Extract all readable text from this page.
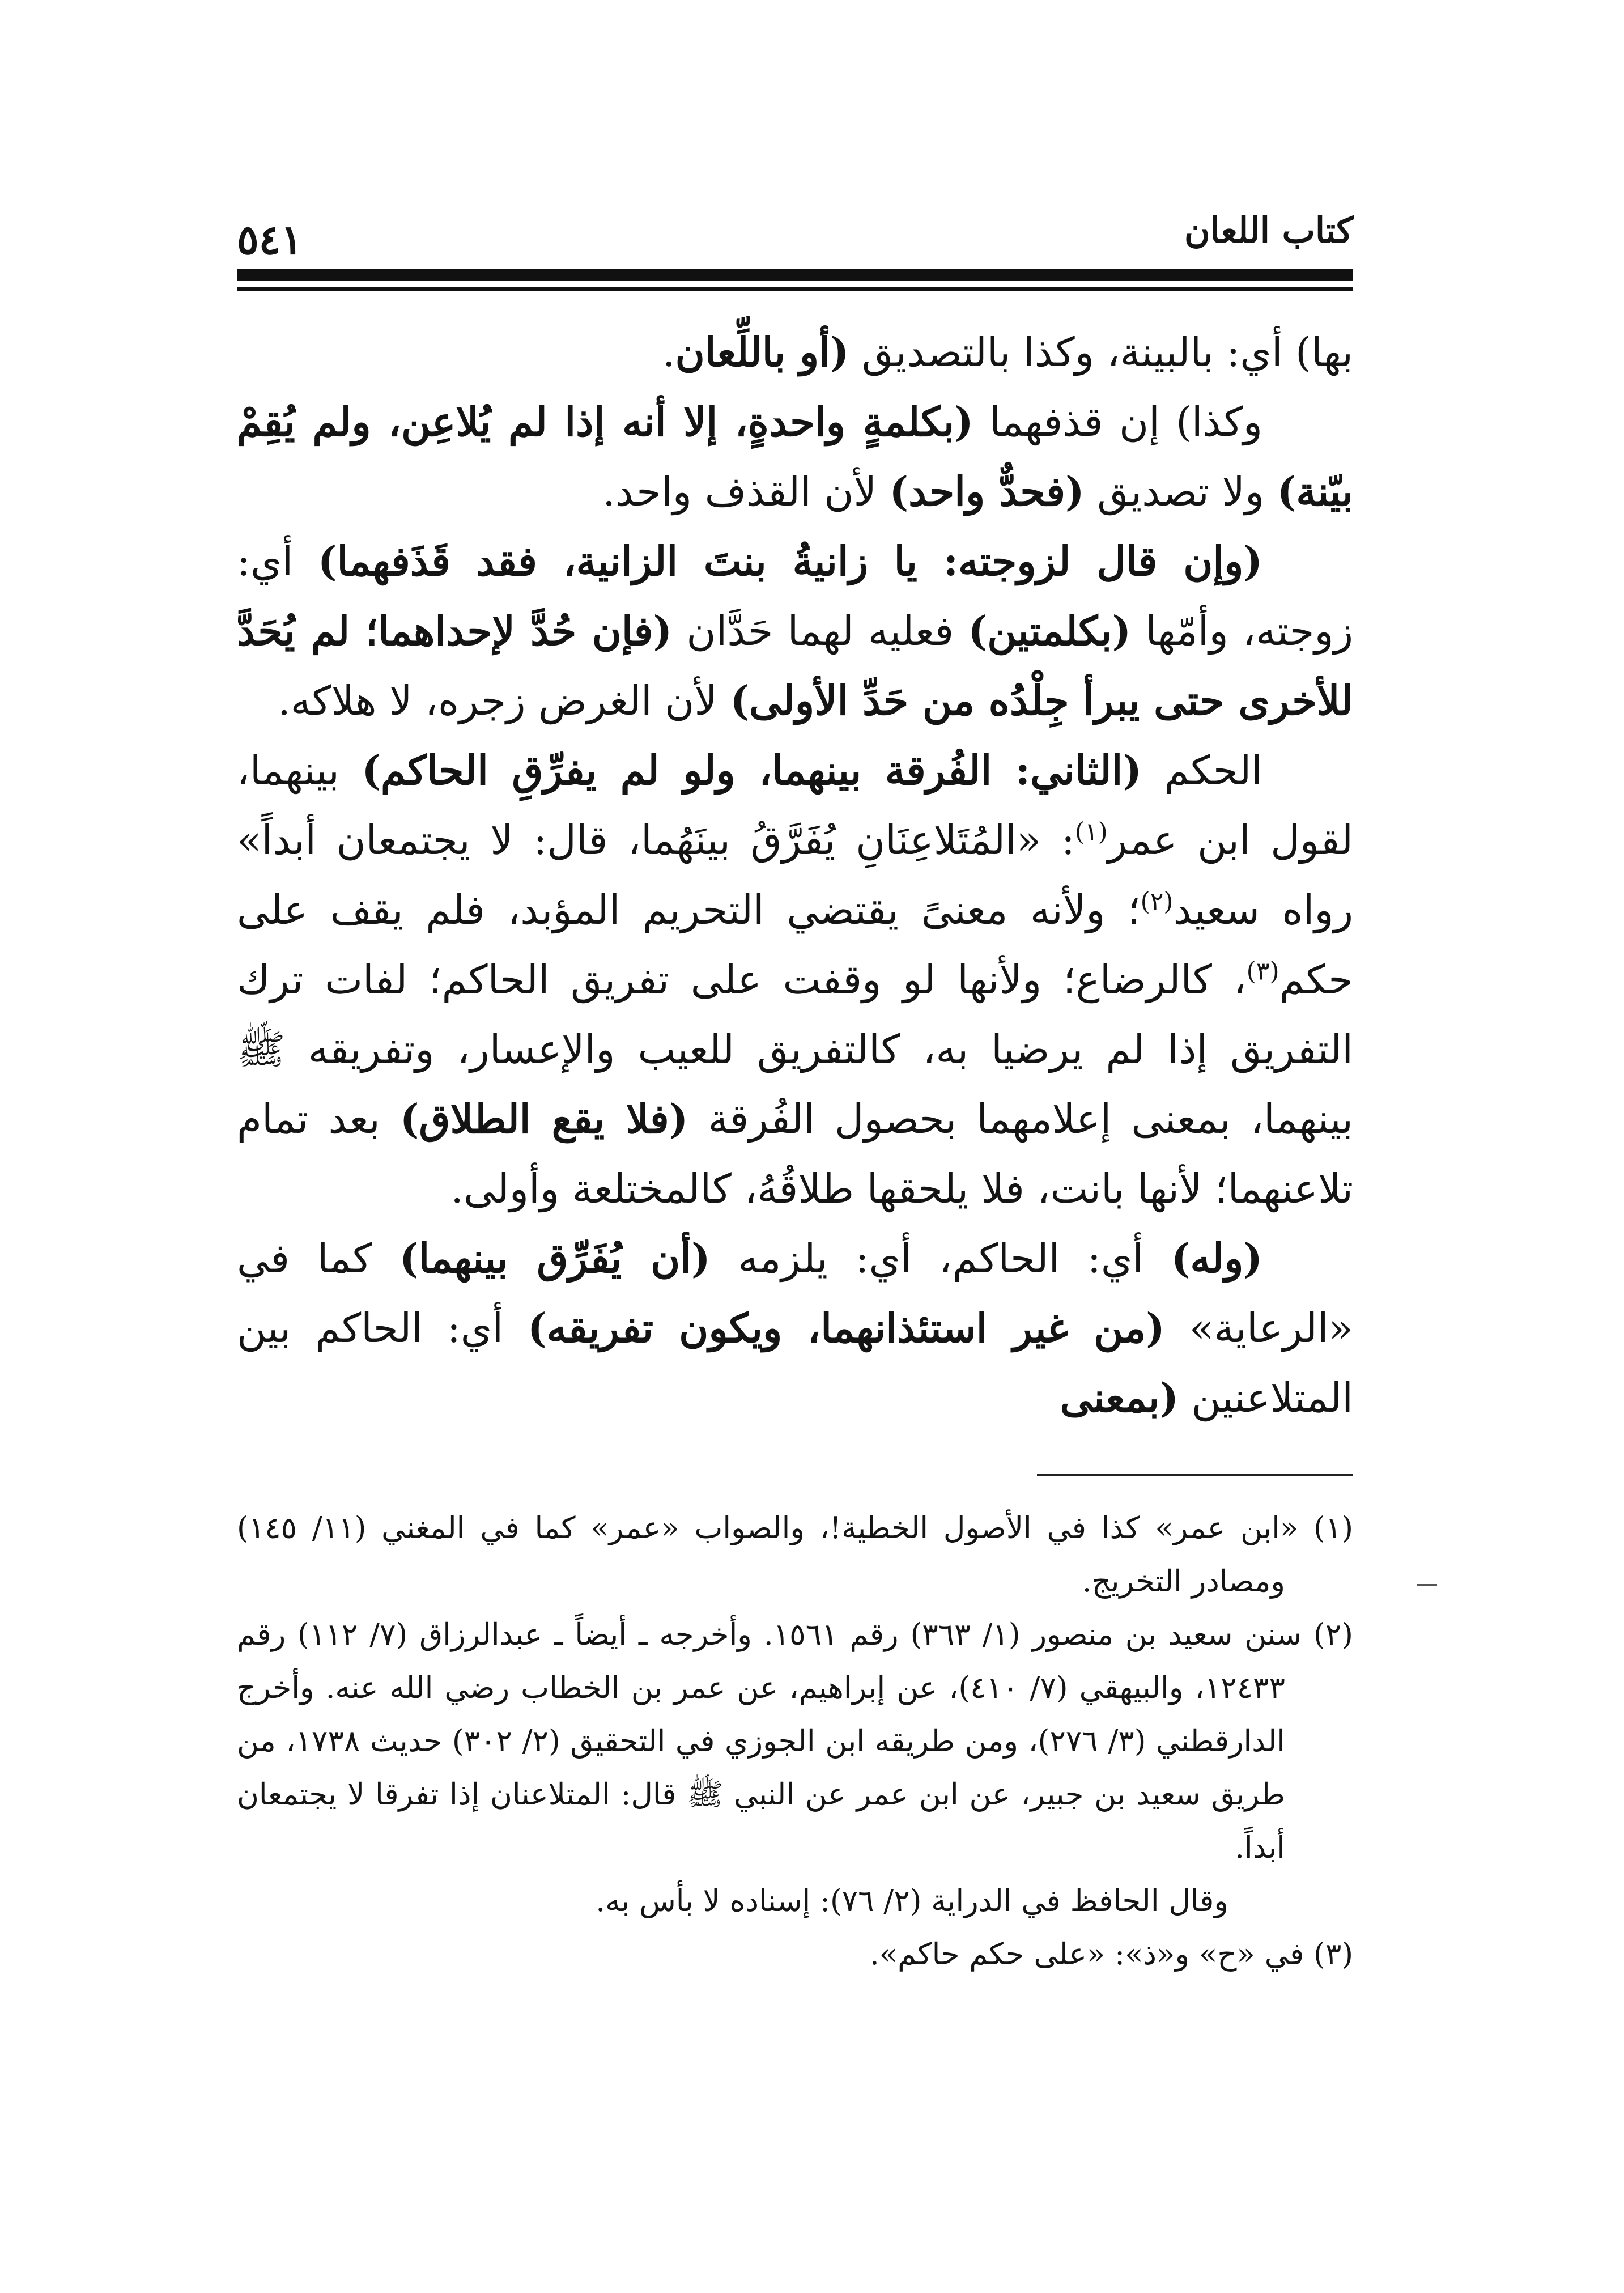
كتاب اللعان
٥٤١

بها) أي: بالبينة، وكذا بالتصديق (أو باللِّعان.

وكذا) إن قذفهما (بكلمةٍ واحدةٍ، إلا أنه إذا لم يُلاعِن، ولم يُقِمْ بيّنة) ولا تصديق (فحدٌّ واحد) لأن القذف واحد.

(وإن قال لزوجته: يا زانيةُ بنتَ الزانية، فقد قَذَفهما) أي: زوجته، وأمّها (بكلمتين) فعليه لهما حَدَّان (فإن حُدَّ لإحداهما؛ لم يُحَدَّ للأخرى حتى يبرأ جِلْدُه من حَدِّ الأولى) لأن الغرض زجره، لا هلاكه.

الحكم (الثاني: الفُرقة بينهما، ولو لم يفرِّقِ الحاكم) بينهما، لقول ابن عمر$^{(١)}$: «المُتَلاعِنَانِ يُفَرَّقُ بينَهُما، قال: لا يجتمعان أبداً» رواه سعيد$^{(٢)}$؛ ولأنه معنىً يقتضي التحريم المؤبد، فلم يقف على حكم$^{(٣)}$، كالرضاع؛ ولأنها لو وقفت على تفريق الحاكم؛ لفات ترك التفريق إذا لم يرضيا به، كالتفريق للعيب والإعسار، وتفريقه ﷺ بينهما، بمعنى إعلامهما بحصول الفُرقة (فلا يقع الطلاق) بعد تمام تلاعنهما؛ لأنها بانت، فلا يلحقها طلاقُهُ، كالمختلعة وأولى.

(وله) أي: الحاكم، أي: يلزمه (أن يُفَرِّق بينهما) كما في «الرعاية» (من غير استئذانهما، ويكون تفريقه) أي: الحاكم بين المتلاعنين (بمعنى

(١) «ابن عمر» كذا في الأصول الخطية!، والصواب «عمر» كما في المغني (١١/ ١٤٥) ومصادر التخريج.

(٢) سنن سعيد بن منصور (١/ ٣٦٣) رقم ١٥٦١. وأخرجه ـ أيضاً ـ عبدالرزاق (٧/ ١١٢) رقم ١٢٤٣٣، والبيهقي (٧/ ٤١٠)، عن إبراهيم، عن عمر بن الخطاب رضي الله عنه. وأخرج الدارقطني (٣/ ٢٧٦)، ومن طريقه ابن الجوزي في التحقيق (٢/ ٣٠٢) حديث ١٧٣٨، من طريق سعيد بن جبير، عن ابن عمر عن النبي ﷺ قال: المتلاعنان إذا تفرقا لا يجتمعان أبداً.

وقال الحافظ في الدراية (٢/ ٧٦): إسناده لا بأس به.

(٣) في «ح» و«ذ»: «على حكم حاكم».
